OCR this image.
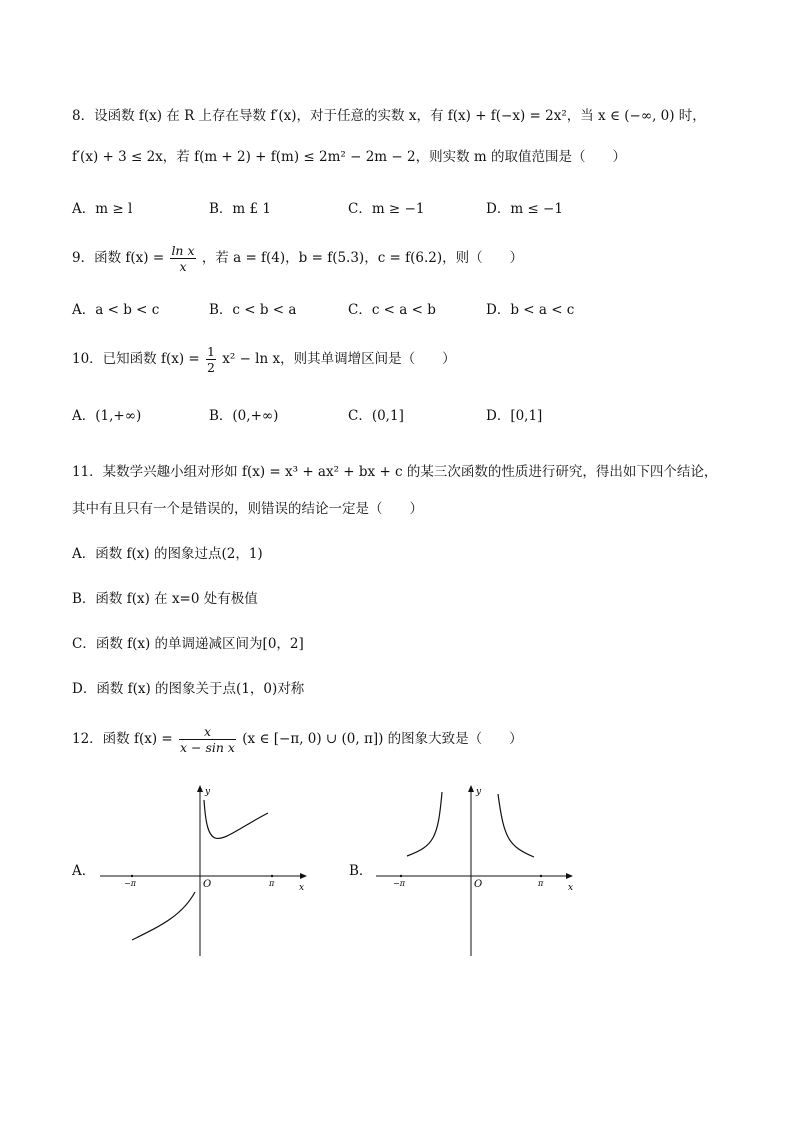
8．设函数 f(x) 在 R 上存在导数 f′(x)，对于任意的实数 x，有 f(x) + f(−x) = 2x²，当 x ∈ (−∞, 0) 时，
f′(x) + 3 ≤ 2x，若 f(m + 2) + f(m) ≤ 2m² − 2m − 2，则实数 m 的取值范围是（　　）
A．m ≥ l	B．m £ 1	C．m ≥ −1	D．m ≤ −1
9．函数 $f(x) = \frac{\text{ln x}}{x}$ ，若 a = f(4)，b = f(5.3)，c = f(6.2)，则（　　）
A．a < b < c	B．c < b < a	C．c < a < b	D．b < a < c
10．已知函数 $f(x) = \frac{1}{2} x^2 - \ln x$，则其单调增区间是（　　）
A．(1,+∞)	B．(0,+∞)	C．(0,1]	D．[0,1]
11．某数学兴趣小组对形如 f(x) = x³ + ax² + bx + c 的某三次函数的性质进行研究，得出如下四个结论，
其中有且只有一个是错误的，则错误的结论一定是（　　）
A．函数 f(x) 的图象过点(2，1)
B．函数 f(x) 在 x=0 处有极值
C．函数 f(x) 的单调递减区间为[0，2]
D．函数 f(x) 的图象关于点(1，0)对称
12．函数 $f(x) = \frac{x}{\text{x − sin x}} (x$ ∈ [−π, 0) ∪ (0, π]) 的图象大致是（　　）
A．
y
x
O
−π	π
B．
y
x
O
−π	π
